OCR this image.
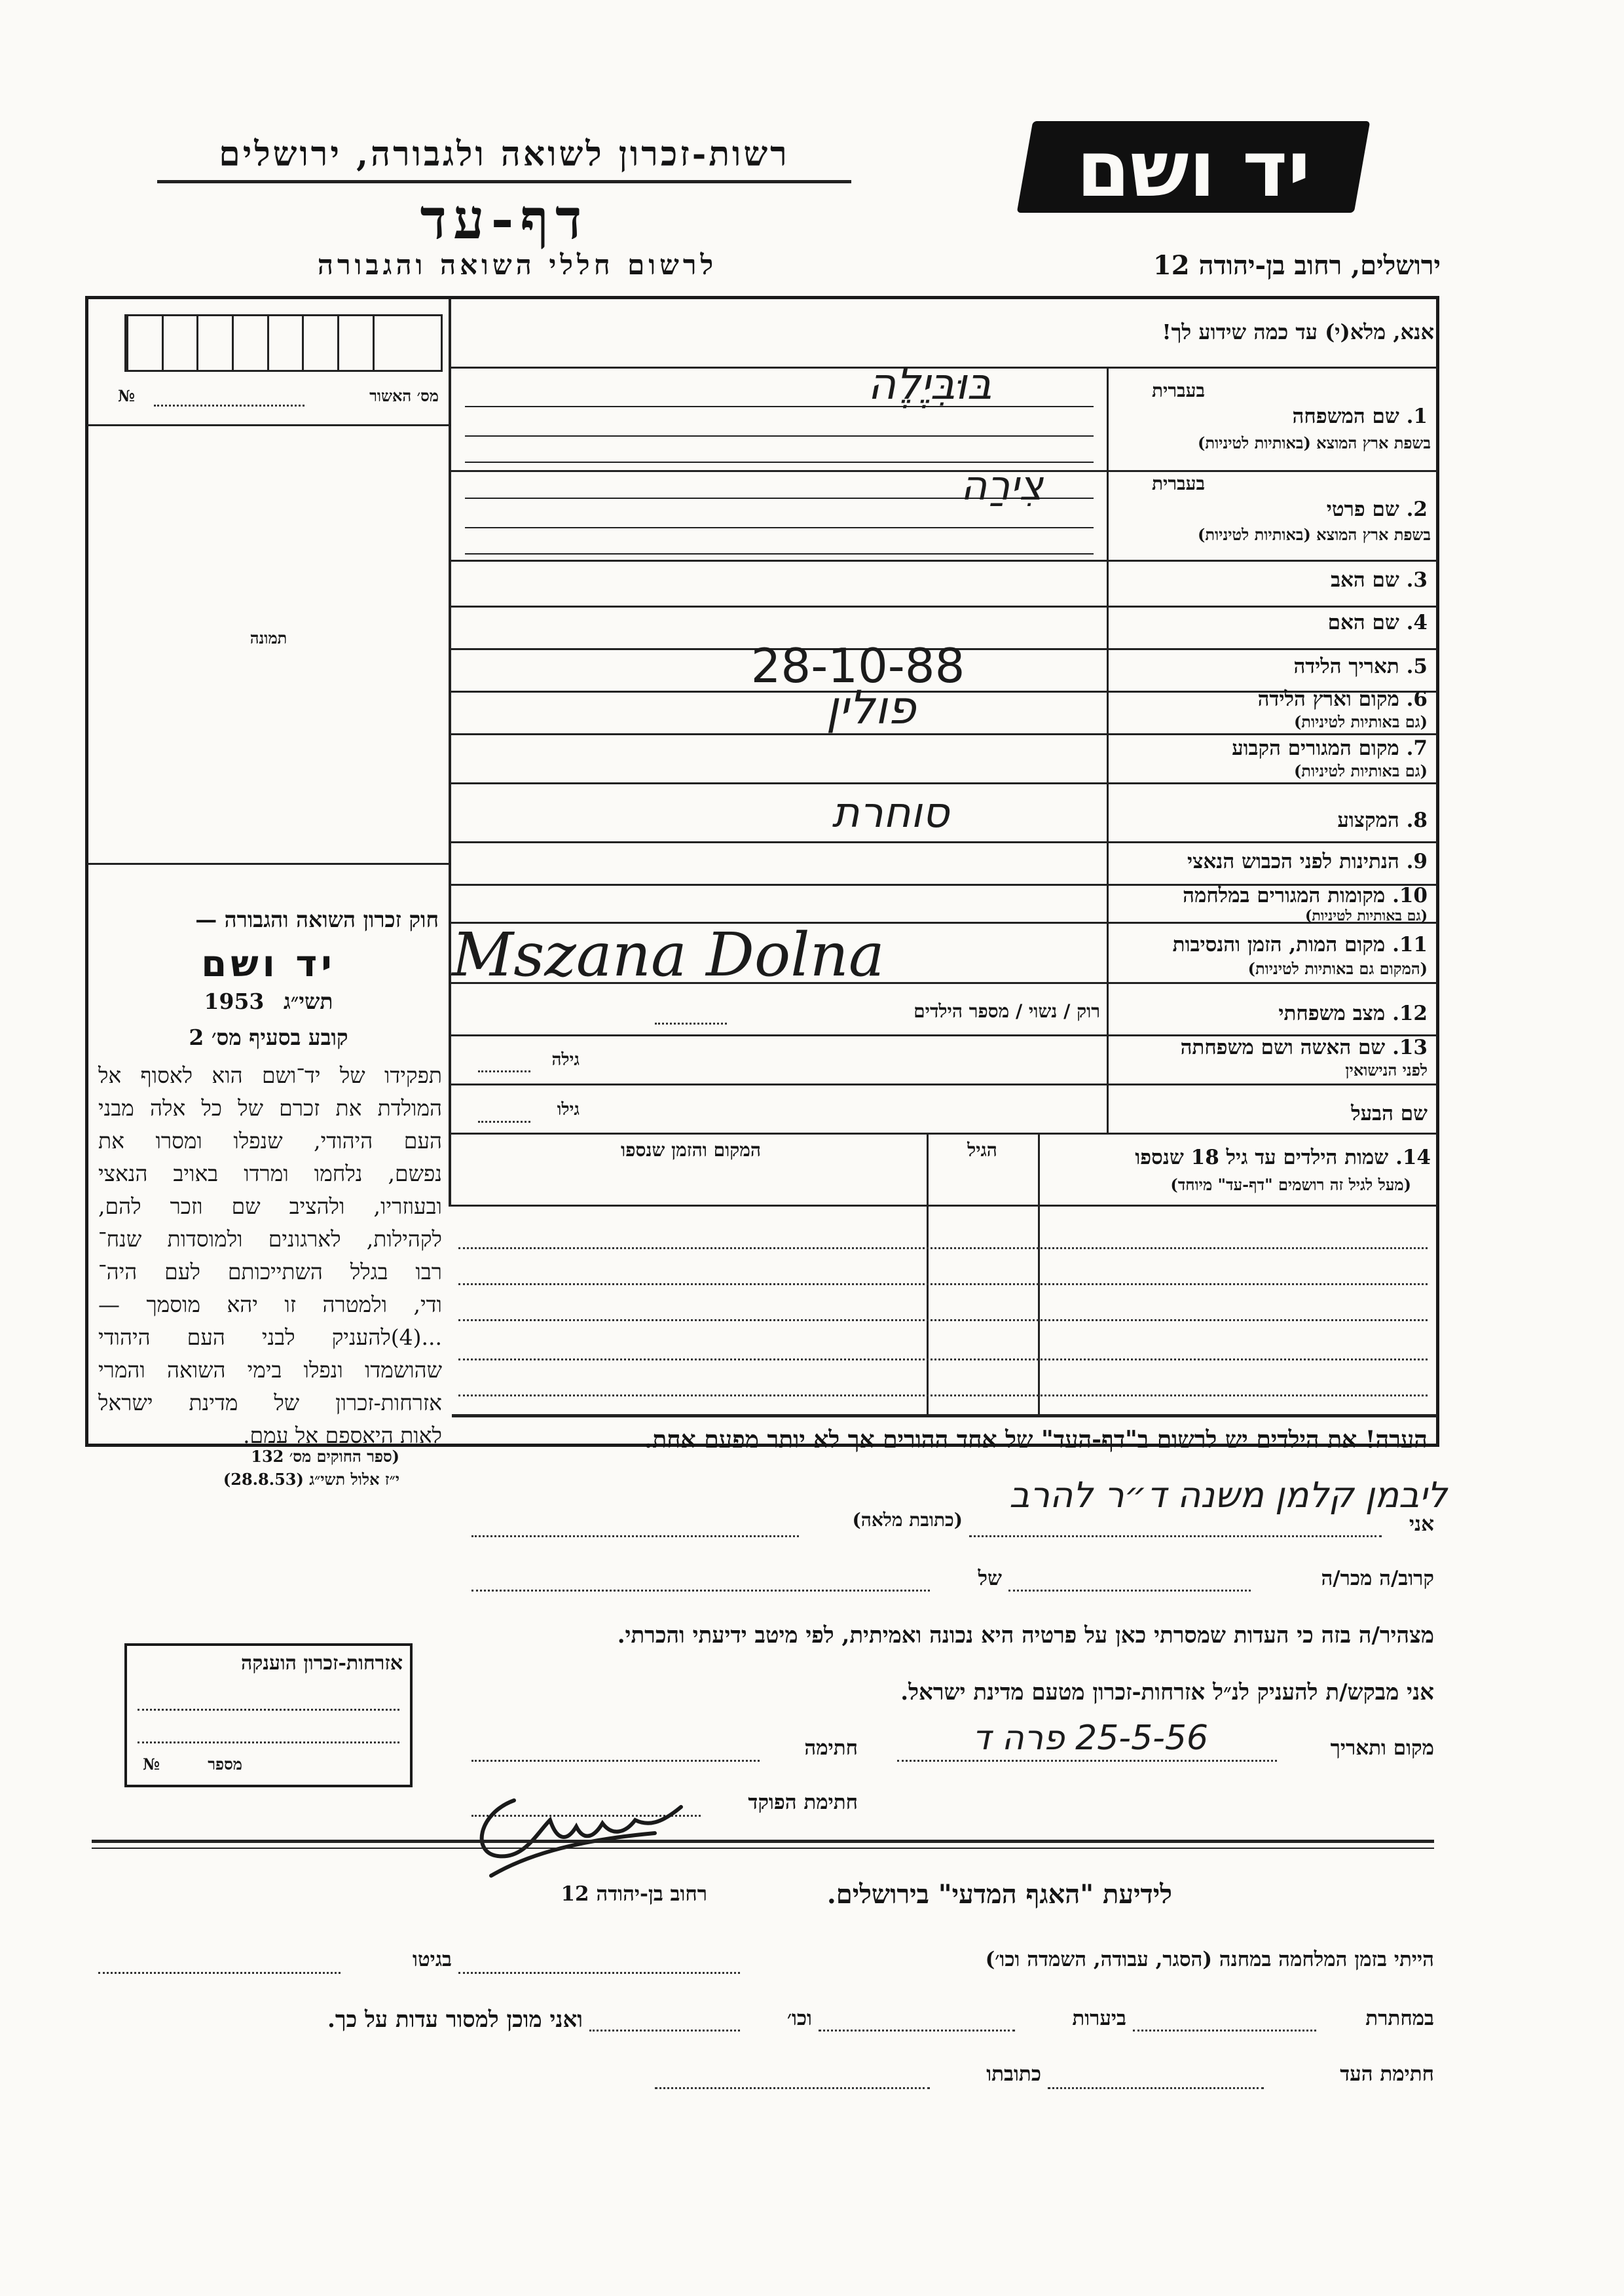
יד ושם
רשות-זכרון לשואה ולגבורה, ירושלים
דף-עד
לרשום חללי השואה והגבורה	ירושלים, רחוב בן-יהודה 12
מס׳ האשור
№
תמונה
חוק זכרון השואה והגבורה —
יד ושם
1953 תשי״ג
קובע בסעיף מס׳ 2
תפקידו של יד־ושם הוא לאסוף אל
המולדת את זכרם של כל אלה מבני
העם היהודי, שנפלו ומסרו את
נפשם, נלחמו ומרדו באויב הנאצי
ובעוזריו, ולהציב שם וזכר להם,
לקהילות, לארגונים ולמוסדות שנח־
רבו בגלל השתייכותם לעם היה־
ודי, ולמטרה זו יהא מוסמך —
...(4)להעניק לבני העם היהודי
שהושמדו ונפלו בימי השואה והמרי
אזרחות-זכרון של מדינת ישראל
לאות היאספם אל עמם.
(ספר החוקים מס׳ 132
י״ז אלול תשי״ג (28.8.53)
אזרחות-זכרון הוענקה
מספר
№
אנא, מלא(י) עד כמה שידוע לך!
בעברית
1. שם המשפחה
בשפת ארץ המוצא (באותיות לטיניות)
בּוּבִּיֶלֶה
בעברית
2. שם פרטי
בשפת ארץ המוצא (באותיות לטיניות)
צִירַה
3. שם האב
4. שם האם
5. תאריך הלידה
28-10-88
6. מקום וארץ הלידה
(גם באותיות לטיניות)
פולין
7. מקום המגורים הקבוע
(גם באותיות לטיניות)
8. המקצוע
סוחרת
9. הנתינות לפני הכבוש הנאצי
10. מקומות המגורים במלחמה
(גם באותיות לטיניות)
11. מקום המות, הזמן והנסיבות
(המקום גם באותיות לטיניות)
Mszana Dolna
12. מצב משפחתי
רוק / נשוי / מספר הילדים
13. שם האשה ושם משפחתה
לפני הנישואין
גילה
שם הבעל
גילו
14. שמות הילדים עד גיל 18 שנספו
(מעל לגיל זה רושמים "דף-עד" מיוחד)
הגיל
המקום והזמן שנספו
הערה! את הילדים יש לרשום ב"דף-העד" של אחד ההורים אך לא יותר מפעם אחת.
אני
ליבמן קלמן משנה ד״ר להרב
(כתובת מלאה)
קרוב/ה מכר/ה
של
מצהיר/ה בזה כי העדות שמסרתי כאן על פרטיה היא נכונה ואמיתית, לפי מיטב ידיעתי והכרתי.
אני מבקש/ת להעניק לנ״ל אזרחות-זכרון מטעם מדינת ישראל.
מקום ותאריך
25-5-56 פרה ד
חתימה
חתימת הפוקד
לידיעת "האגף המדעי" בירושלים.
רחוב בן-יהודה 12
הייתי בזמן המלחמה במחנה (הסגר, עבודה, השמדה וכו׳)
בגיטו
במחתרת
ביערות
וכו׳
ואני מוכן למסור עדות על כך.
חתימת העד
כתובתו
